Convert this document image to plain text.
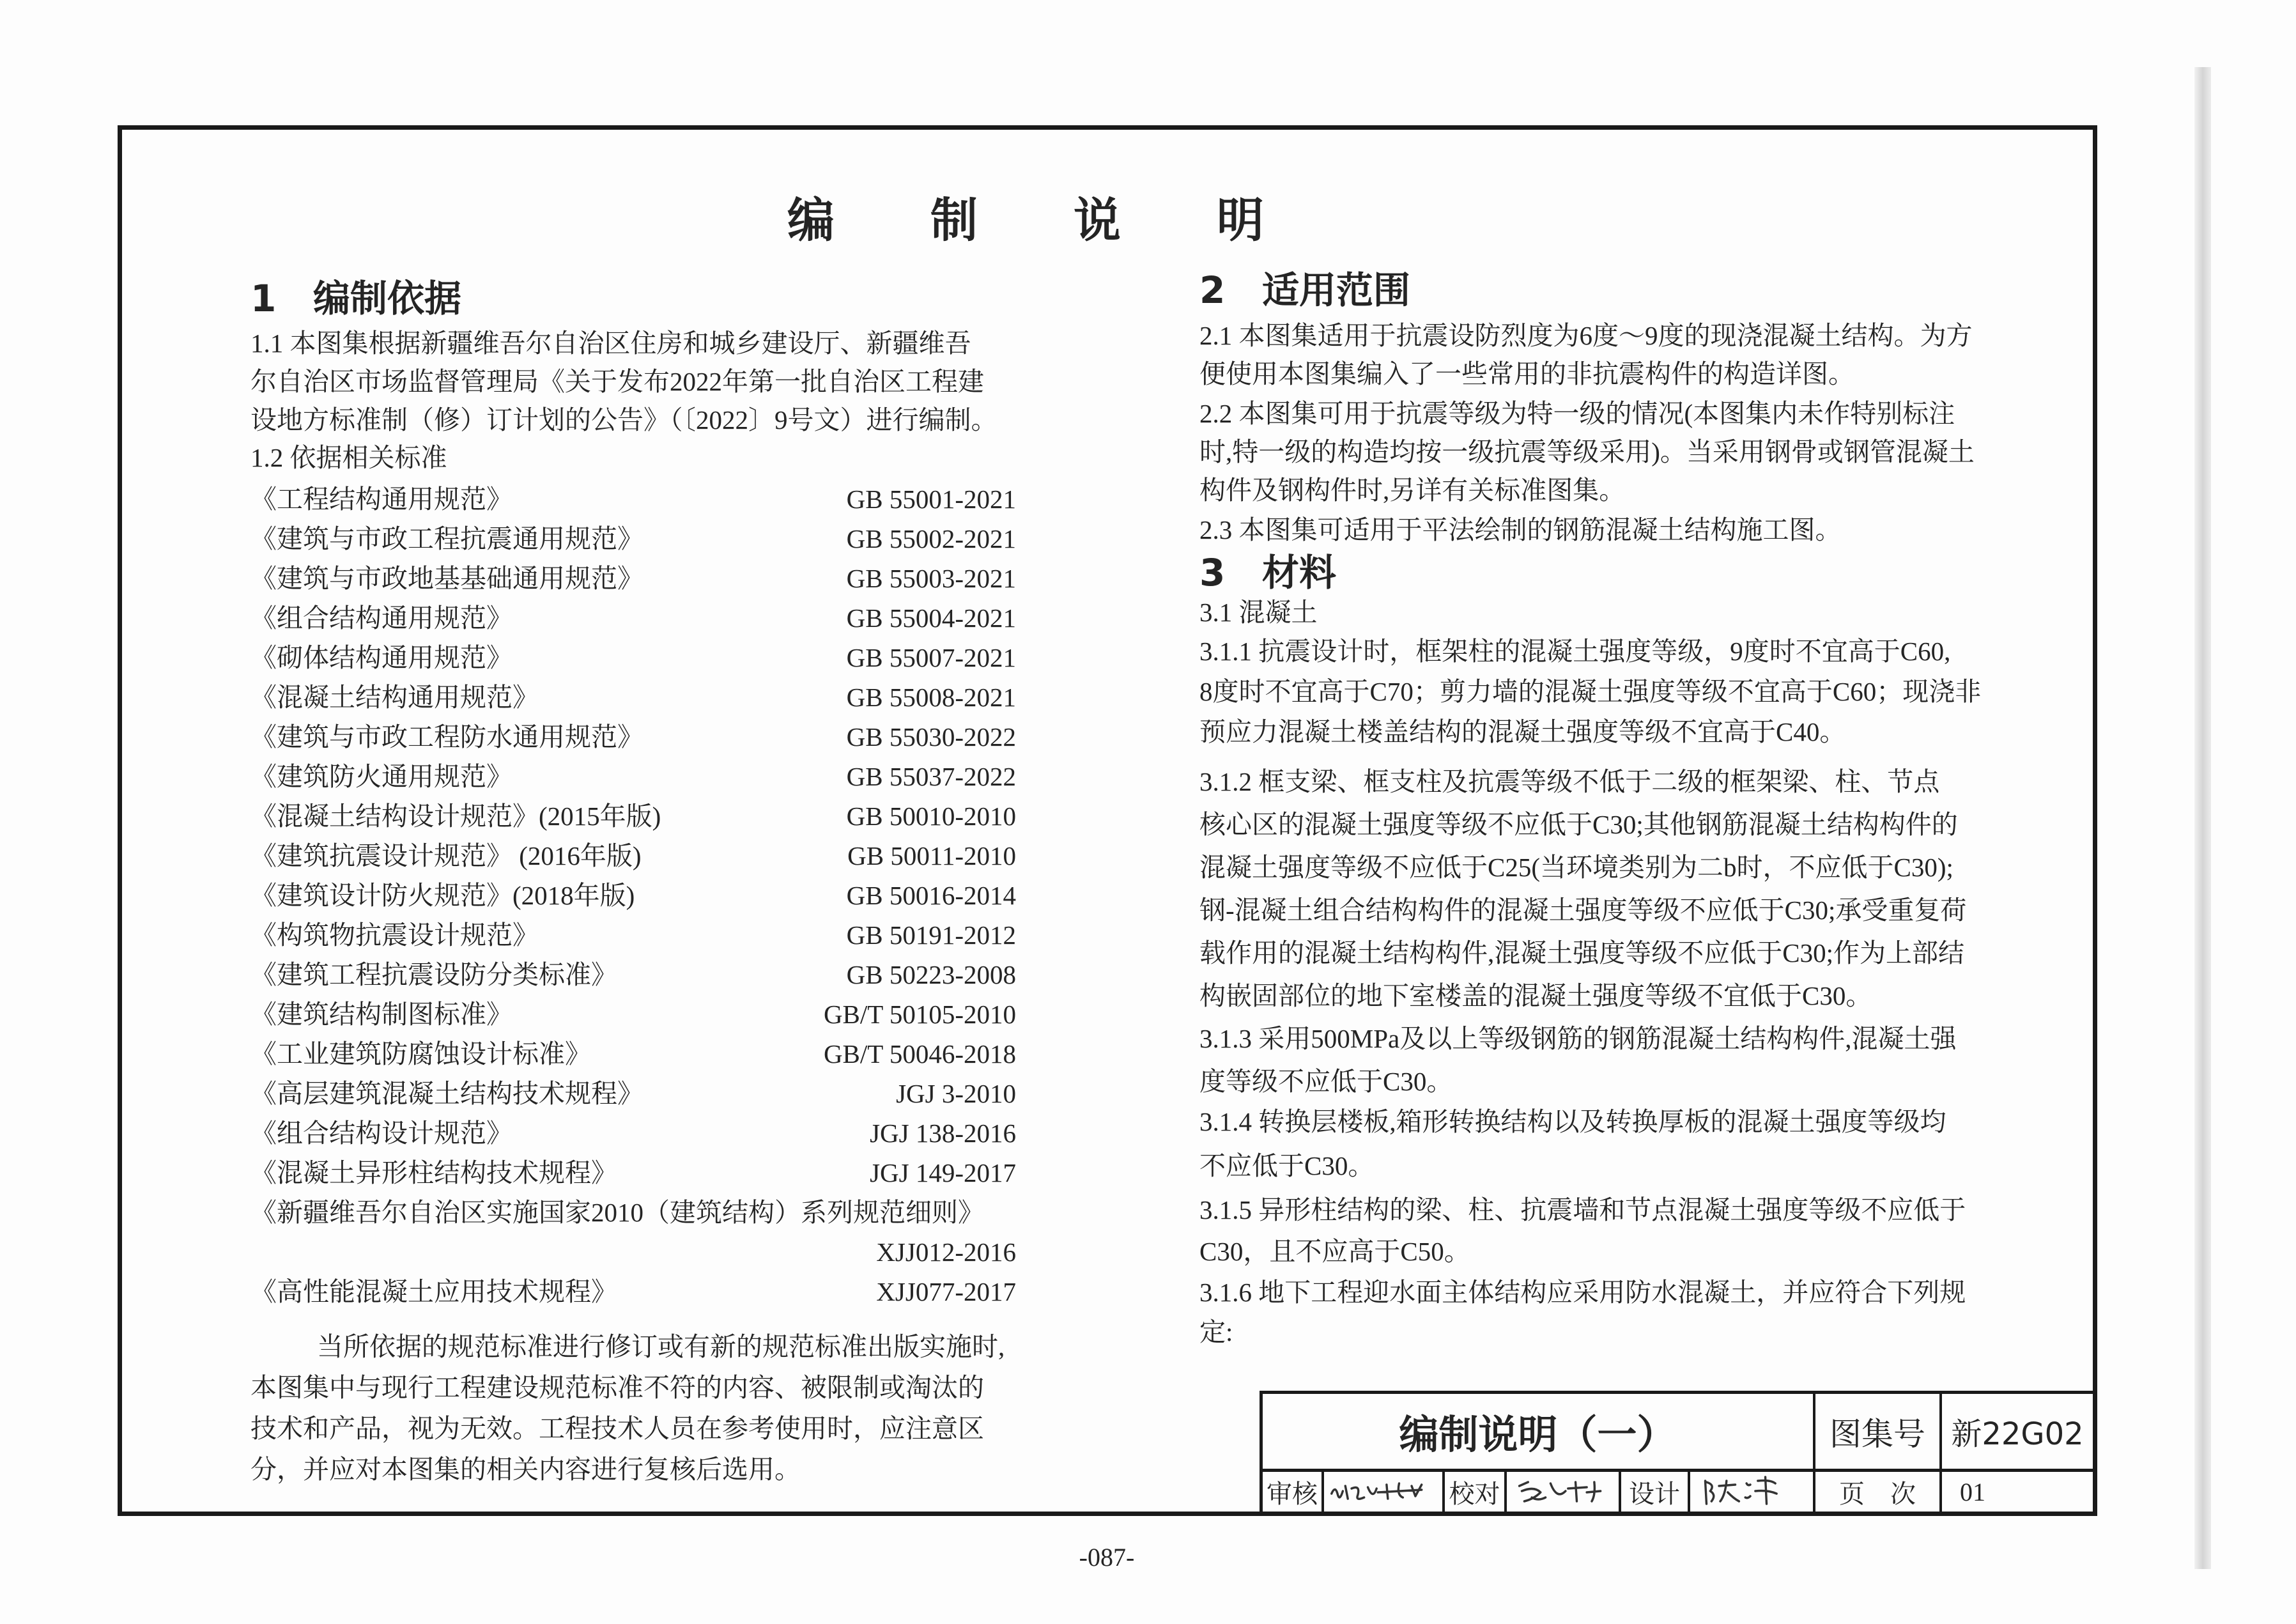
编制说明
1 编制依据
1.1 本图集根据新疆维吾尔自治区住房和城乡建设厅、新疆维吾
尔自治区市场监督管理局《关于发布2022年第一批自治区工程建
设地方标准制（修）订计划的公告》（〔2022〕9号文）进行编制。
1.2 依据相关标准
《工程结构通用规范》	GB 55001-2021
《建筑与市政工程抗震通用规范》	GB 55002-2021
《建筑与市政地基基础通用规范》	GB 55003-2021
《组合结构通用规范》	GB 55004-2021
《砌体结构通用规范》	GB 55007-2021
《混凝土结构通用规范》	GB 55008-2021
《建筑与市政工程防水通用规范》	GB 55030-2022
《建筑防火通用规范》	GB 55037-2022
《混凝土结构设计规范》(2015年版)	GB 50010-2010
《建筑抗震设计规范》 (2016年版)	GB 50011-2010
《建筑设计防火规范》(2018年版)	GB 50016-2014
《构筑物抗震设计规范》	GB 50191-2012
《建筑工程抗震设防分类标准》	GB 50223-2008
《建筑结构制图标准》	GB/T 50105-2010
《工业建筑防腐蚀设计标准》	GB/T 50046-2018
《高层建筑混凝土结构技术规程》	JGJ 3-2010
《组合结构设计规范》	JGJ 138-2016
《混凝土异形柱结构技术规程》	JGJ 149-2017
《新疆维吾尔自治区实施国家2010（建筑结构）系列规范细则》
XJJ012-2016
《高性能混凝土应用技术规程》	XJJ077-2017
当所依据的规范标准进行修订或有新的规范标准出版实施时,
本图集中与现行工程建设规范标准不符的内容、被限制或淘汰的
技术和产品，视为无效。工程技术人员在参考使用时，应注意区
分，并应对本图集的相关内容进行复核后选用。
2 适用范围
2.1 本图集适用于抗震设防烈度为6度～9度的现浇混凝土结构。为方
便使用本图集编入了一些常用的非抗震构件的构造详图。
2.2 本图集可用于抗震等级为特一级的情况(本图集内未作特别标注
时,特一级的构造均按一级抗震等级采用)。当采用钢骨或钢管混凝土
构件及钢构件时,另详有关标准图集。
2.3 本图集可适用于平法绘制的钢筋混凝土结构施工图。
3 材料
3.1 混凝土
3.1.1 抗震设计时，框架柱的混凝土强度等级，9度时不宜高于C60,
8度时不宜高于C70；剪力墙的混凝土强度等级不宜高于C60；现浇非
预应力混凝土楼盖结构的混凝土强度等级不宜高于C40。
3.1.2 框支梁、框支柱及抗震等级不低于二级的框架梁、柱、节点
核心区的混凝土强度等级不应低于C30;其他钢筋混凝土结构构件的
混凝土强度等级不应低于C25(当环境类别为二b时，不应低于C30);
钢-混凝土组合结构构件的混凝土强度等级不应低于C30;承受重复荷
载作用的混凝土结构构件,混凝土强度等级不应低于C30;作为上部结
构嵌固部位的地下室楼盖的混凝土强度等级不宜低于C30。
3.1.3 采用500MPa及以上等级钢筋的钢筋混凝土结构构件,混凝土强
度等级不应低于C30。
3.1.4 转换层楼板,箱形转换结构以及转换厚板的混凝土强度等级均
不应低于C30。
3.1.5 异形柱结构的梁、柱、抗震墙和节点混凝土强度等级不应低于
C30，且不应高于C50。
3.1.6 地下工程迎水面主体结构应采用防水混凝土，并应符合下列规
定:
编制说明（一）	图集号 新22G02
审核	校对	设计	页次 01
-087-
